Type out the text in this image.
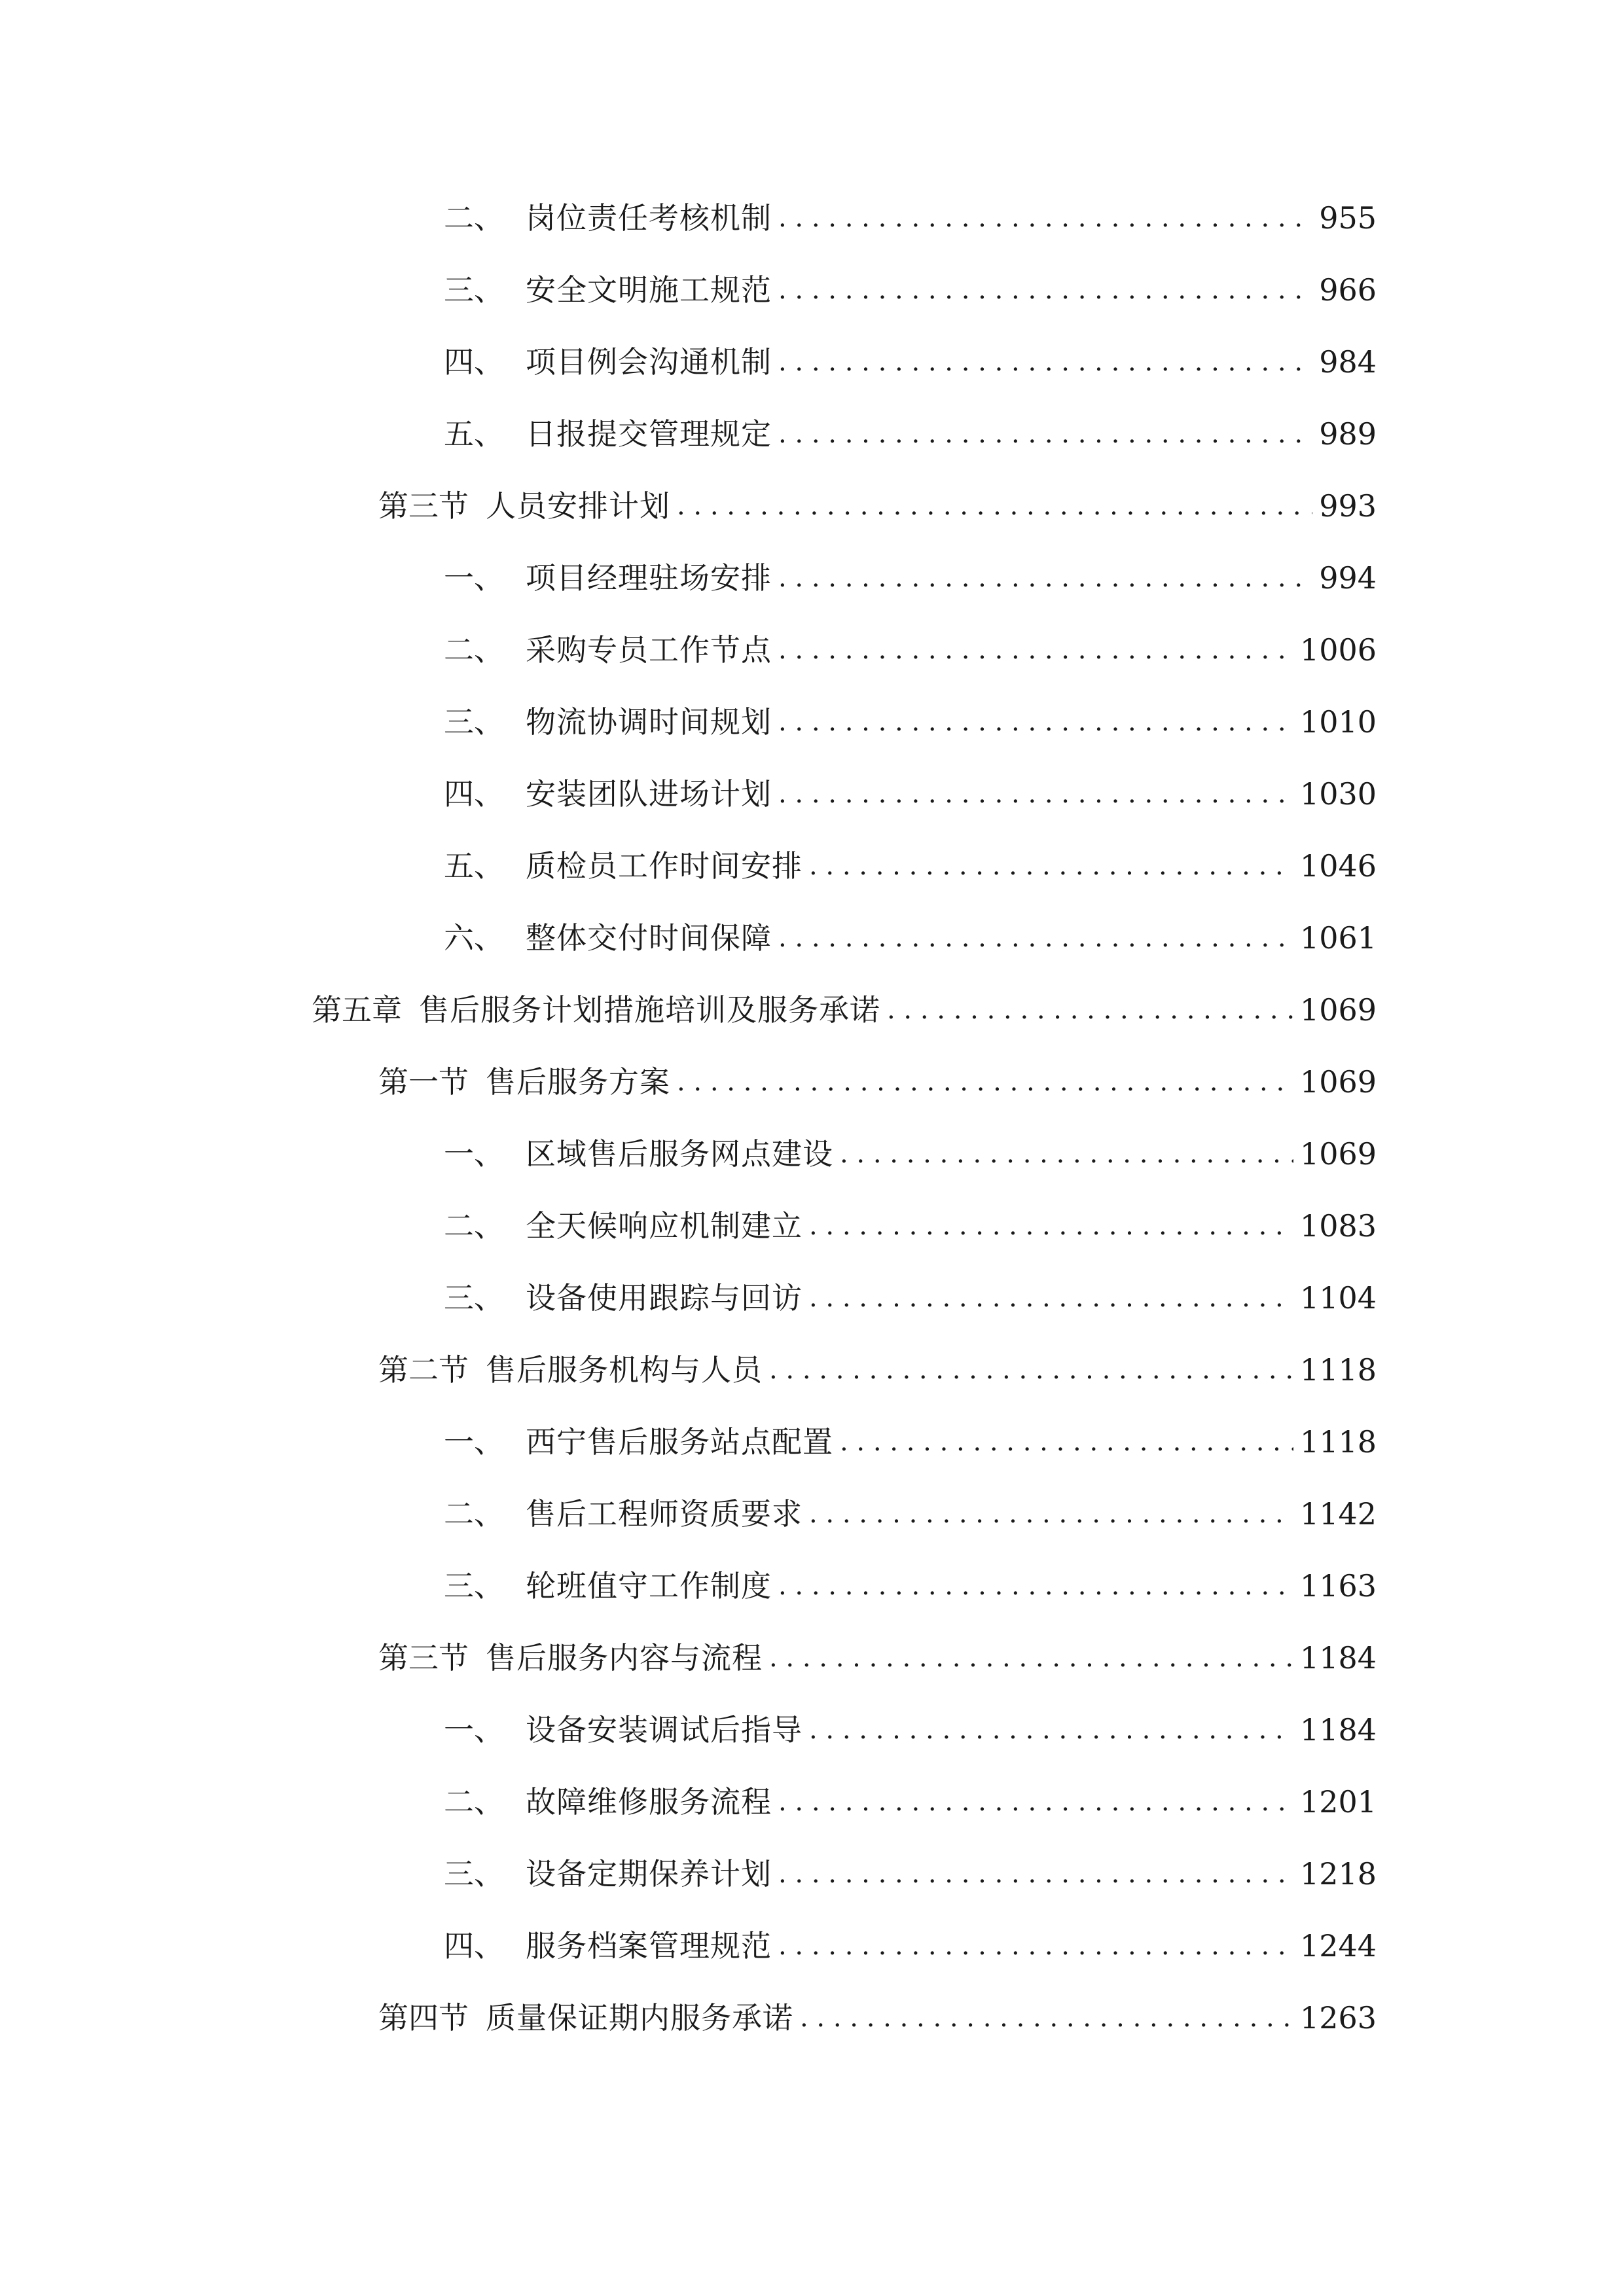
二、 岗位责任考核机制 . . .	955
三、 安全文明施工规范 . . .	966
四、 项目例会沟通机制 . . .	984
五、 日报提交管理规定 . . .	989
第三节 人员安排计划 . . .	993
一、 项目经理驻场安排 . . .	994
二、 采购专员工作节点 . . .	1006
三、 物流协调时间规划 . . .	1010
四、 安装团队进场计划 . . .	1030
五、 质检员工作时间安排 . . .	1046
六、 整体交付时间保障 . . .	1061
第五章 售后服务计划措施培训及服务承诺 . . .	1069
第一节 售后服务方案 . . .	1069
一、 区域售后服务网点建设 . . .	1069
二、 全天候响应机制建立 . . .	1083
三、 设备使用跟踪与回访 . . .	1104
第二节 售后服务机构与人员 . . .	1118
一、 西宁售后服务站点配置 . . .	1118
二、 售后工程师资质要求 . . .	1142
三、 轮班值守工作制度 . . .	1163
第三节 售后服务内容与流程 . . .	1184
一、 设备安装调试后指导 . . .	1184
二、 故障维修服务流程 . . .	1201
三、 设备定期保养计划 . . .	1218
四、 服务档案管理规范 . . .	1244
第四节 质量保证期内服务承诺 . . .	1263
